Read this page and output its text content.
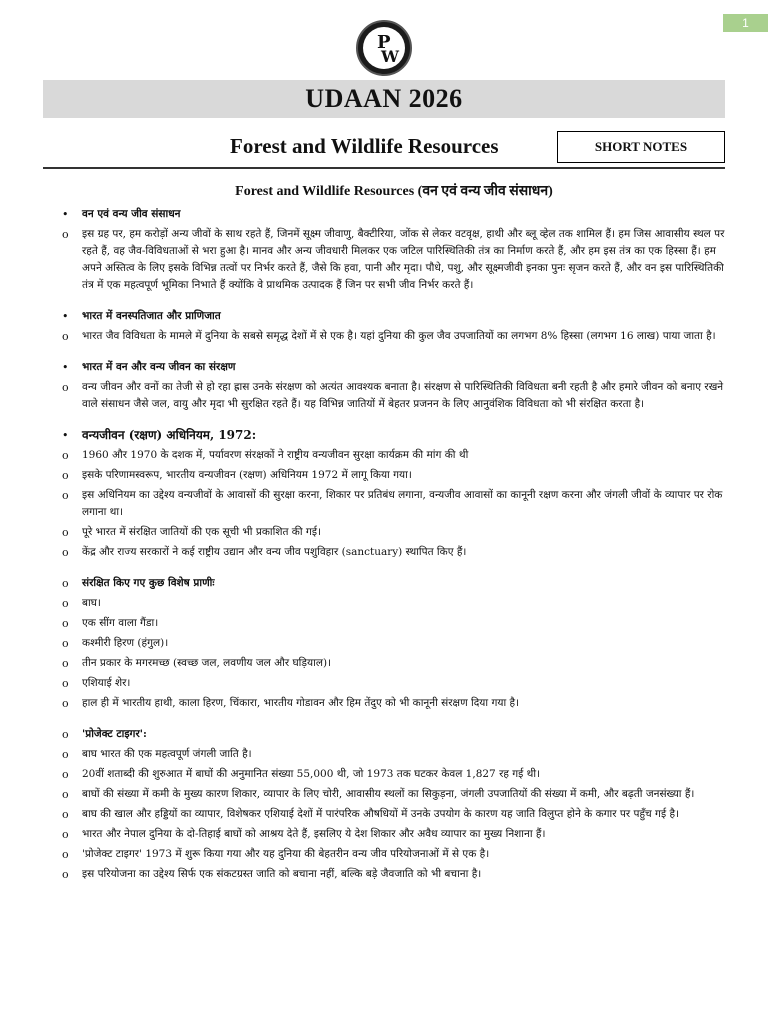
1
P
W
UDAAN 2026
Forest and Wildlife Resources	SHORT NOTES
Forest and Wildlife Resources (वन एवं वन्य जीव संसाधन)
•	वन एवं वन्य जीव संसाधन
o	इस ग्रह पर, हम करोड़ों अन्य जीवों के साथ रहते हैं, जिनमें सूक्ष्म जीवाणु, बैक्टीरिया, जोंक से लेकर वटवृक्ष, हाथी और ब्लू व्हेल तक शामिल हैं। हम जिस आवासीय स्थल पर रहते हैं, वह जैव-विविधताओं से भरा हुआ है। मानव और अन्य जीवधारी मिलकर एक जटिल पारिस्थितिकी तंत्र का निर्माण करते हैं, और हम इस तंत्र का एक हिस्सा हैं। हम अपने अस्तित्व के लिए इसके विभिन्न तत्वों पर निर्भर करते हैं, जैसे कि हवा, पानी और मृदा। पौधे, पशु, और सूक्ष्मजीवी इनका पुनः सृजन करते हैं, और वन इस पारिस्थितिकी तंत्र में एक महत्वपूर्ण भूमिका निभाते हैं क्योंकि वे प्राथमिक उत्पादक हैं जिन पर सभी जीव निर्भर करते हैं।
•	भारत में वनस्पतिजात और प्राणिजात
o	भारत जैव विविधता के मामले में दुनिया के सबसे समृद्ध देशों में से एक है। यहां दुनिया की कुल जैव उपजातियों का लगभग 8% हिस्सा (लगभग 16 लाख) पाया जाता है।
•	भारत में वन और वन्य जीवन का संरक्षण
o	वन्य जीवन और वनों का तेजी से हो रहा ह्रास उनके संरक्षण को अत्यंत आवश्यक बनाता है। संरक्षण से पारिस्थितिकी विविधता बनी रहती है और हमारे जीवन को बनाए रखने वाले संसाधन जैसे जल, वायु और मृदा भी सुरक्षित रहते हैं। यह विभिन्न जातियों में बेहतर प्रजनन के लिए आनुवंशिक विविधता को भी संरक्षित करता है।
•	वन्यजीवन (रक्षण) अधिनियम, 1972:
o	1960 और 1970 के दशक में, पर्यावरण संरक्षकों ने राष्ट्रीय वन्यजीवन सुरक्षा कार्यक्रम की मांग की थी
o	इसके परिणामस्वरूप, भारतीय वन्यजीवन (रक्षण) अधिनियम 1972 में लागू किया गया।
o	इस अधिनियम का उद्देश्य वन्यजीवों के आवासों की सुरक्षा करना, शिकार पर प्रतिबंध लगाना, वन्यजीव आवासों का कानूनी रक्षण करना और जंगली जीवों के व्यापार पर रोक लगाना था।
o	पूरे भारत में संरक्षित जातियों की एक सूची भी प्रकाशित की गई।
o	केंद्र और राज्य सरकारों ने कई राष्ट्रीय उद्यान और वन्य जीव पशुविहार (sanctuary) स्थापित किए हैं।
o	संरक्षित किए गए कुछ विशेष प्राणीः
o	बाघ।
o	एक सींग वाला गैंडा।
o	कश्मीरी हिरण (हंगुल)।
o	तीन प्रकार के मगरमच्छ (स्वच्छ जल, लवणीय जल और घड़ियाल)।
o	एशियाई शेर।
o	हाल ही में भारतीय हाथी, काला हिरण, चिंकारा, भारतीय गोडावन और हिम तेंदुए को भी कानूनी संरक्षण दिया गया है।
o	'प्रोजेक्ट टाइगर':
o	बाघ भारत की एक महत्वपूर्ण जंगली जाति है।
o	20वीं शताब्दी की शुरुआत में बाघों की अनुमानित संख्या 55,000 थी, जो 1973 तक घटकर केवल 1,827 रह गई थी।
o	बाघों की संख्या में कमी के मुख्य कारण शिकार, व्यापार के लिए चोरी, आवासीय स्थलों का सिकुड़ना, जंगली उपजातियों की संख्या में कमी, और बढ़ती जनसंख्या हैं।
o	बाघ की खाल और हड्डियों का व्यापार, विशेषकर एशियाई देशों में पारंपरिक औषधियों में उनके उपयोग के कारण यह जाति विलुप्त होने के कगार पर पहुँच गई है।
o	भारत और नेपाल दुनिया के दो-तिहाई बाघों को आश्रय देते हैं, इसलिए ये देश शिकार और अवैध व्यापार का मुख्य निशाना हैं।
o	'प्रोजेक्ट टाइगर' 1973 में शुरू किया गया और यह दुनिया की बेहतरीन वन्य जीव परियोजनाओं में से एक है।
o	इस परियोजना का उद्देश्य सिर्फ एक संकटग्रस्त जाति को बचाना नहीं, बल्कि बड़े जैवजाति को भी बचाना है।
